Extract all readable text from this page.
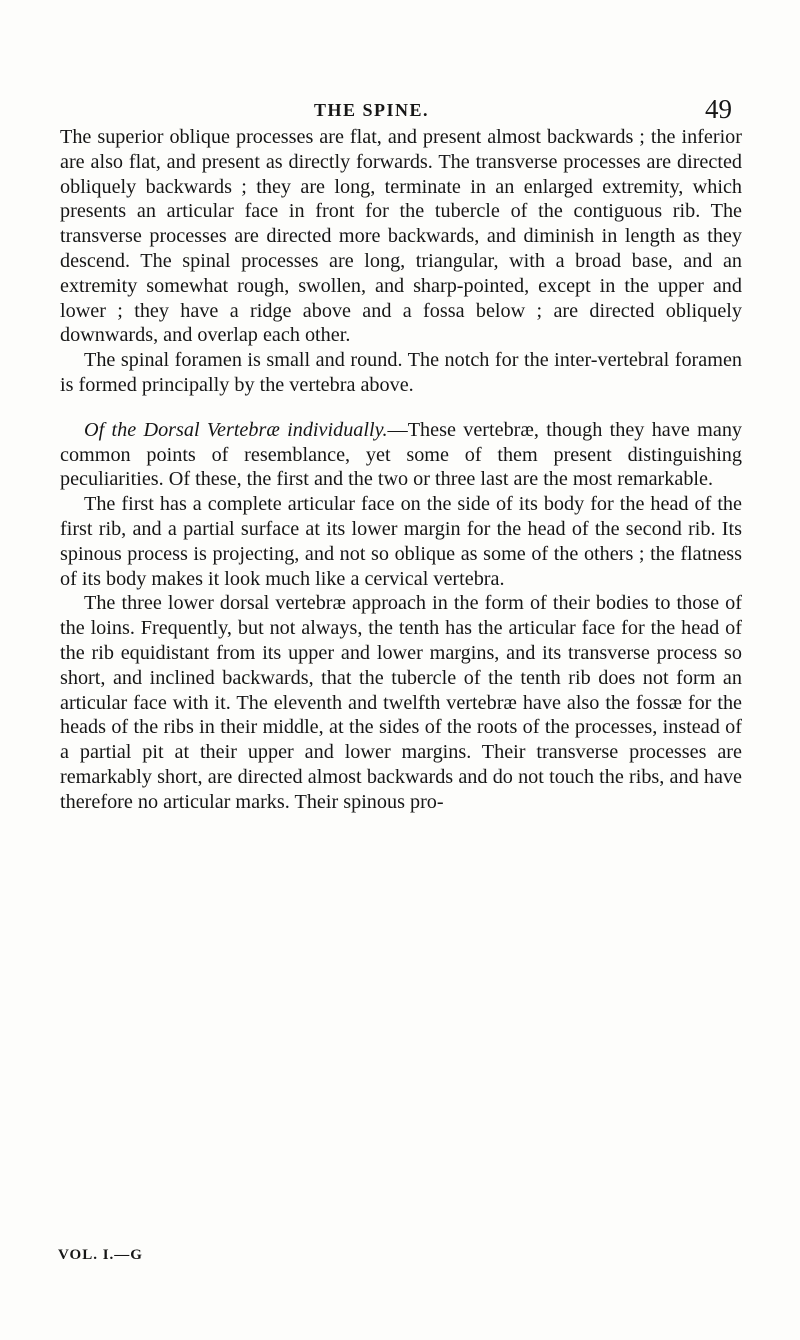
THE SPINE.	49

The superior oblique processes are flat, and present almost backwards ; the inferior are also flat, and present as directly forwards. The transverse processes are directed obliquely backwards ; they are long, terminate in an enlarged extremity, which presents an articular face in front for the tubercle of the contiguous rib. The transverse processes are directed more backwards, and diminish in length as they descend. The spinal processes are long, triangular, with a broad base, and an extremity somewhat rough, swollen, and sharp-pointed, except in the upper and lower ; they have a ridge above and a fossa below ; are directed obliquely downwards, and overlap each other.

The spinal foramen is small and round. The notch for the inter-vertebral foramen is formed principally by the vertebra above.

Of the Dorsal Vertebræ individually.—These vertebræ, though they have many common points of resemblance, yet some of them present distinguishing peculiarities. Of these, the first and the two or three last are the most remarkable.

The first has a complete articular face on the side of its body for the head of the first rib, and a partial surface at its lower margin for the head of the second rib. Its spinous process is projecting, and not so oblique as some of the others ; the flatness of its body makes it look much like a cervical vertebra.

The three lower dorsal vertebræ approach in the form of their bodies to those of the loins. Frequently, but not always, the tenth has the articular face for the head of the rib equidistant from its upper and lower margins, and its transverse process so short, and inclined backwards, that the tubercle of the tenth rib does not form an articular face with it. The eleventh and twelfth vertebræ have also the fossæ for the heads of the ribs in their middle, at the sides of the roots of the processes, instead of a partial pit at their upper and lower margins. Their transverse processes are remarkably short, are directed almost backwards and do not touch the ribs, and have therefore no articular marks. Their spinous pro-

VOL. I.—G
